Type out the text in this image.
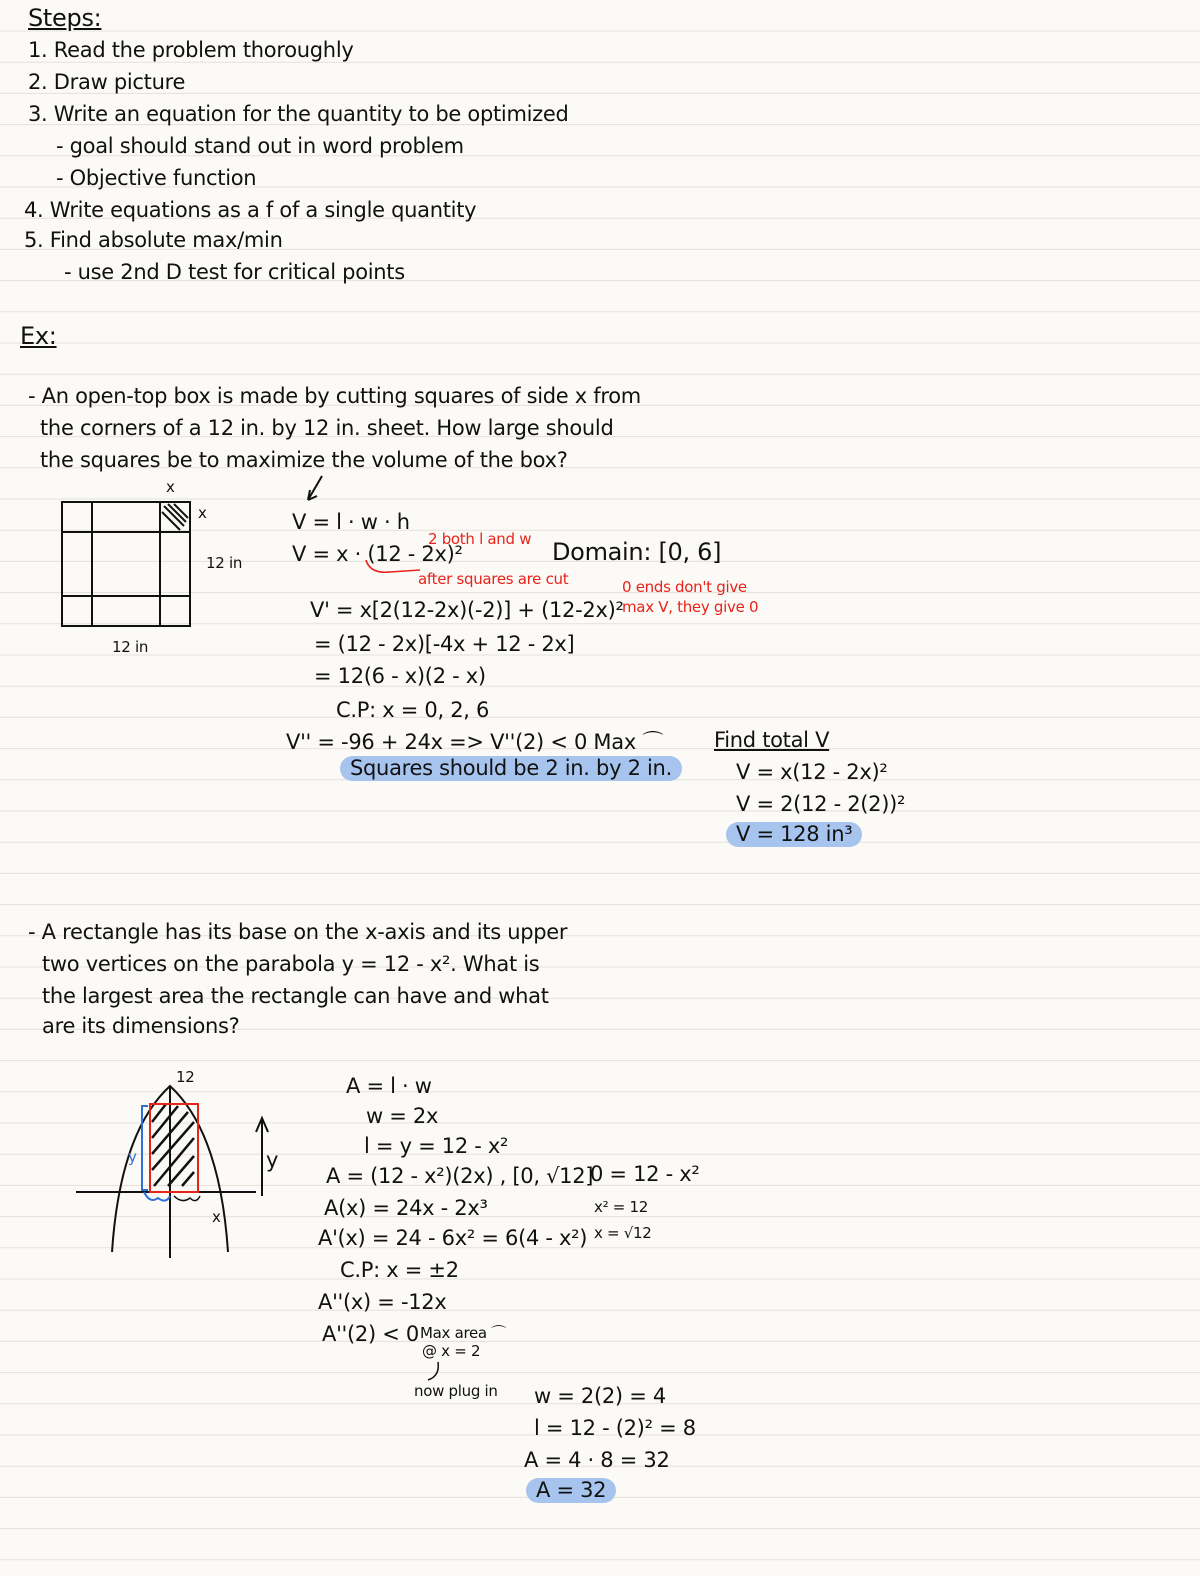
Steps:
1. Read the problem thoroughly
2. Draw picture
3. Write an equation for the quantity to be optimized
- goal should stand out in word problem
- Objective function
4. Write equations as a f of a single quantity
5. Find absolute max/min
- use 2nd D test for critical points
Ex:
- An open-top box is made by cutting squares of side x from
the corners of a 12 in. by 12 in. sheet. How large should
the squares be to maximize the volume of the box?
x
x
12 in
12 in
V = l · w · h
V = x · (12 - 2x)²
2 both l and w
after squares are cut
V' = x[2(12-2x)(-2)] + (12-2x)²
= (12 - 2x)[-4x + 12 - 2x]
= 12(6 - x)(2 - x)
C.P: x = 0, 2, 6
V'' = -96 + 24x => V''(2) < 0 Max ⌒
Squares should be 2 in. by 2 in.
Domain: [0, 6]
0 ends don't give
max V, they give 0
Find total V
V = x(12 - 2x)²
V = 2(12 - 2(2))²
V = 128 in³
- A rectangle has its base on the x-axis and its upper
two vertices on the parabola y = 12 - x². What is
the largest area the rectangle can have and what
are its dimensions?
12
y
x
y
A = l · w
w = 2x
l = y = 12 - x²
A = (12 - x²)(2x) , [0, √12]
A(x) = 24x - 2x³
A'(x) = 24 - 6x² = 6(4 - x²)
C.P: x = ±2
A''(x) = -12x
A''(2) < 0 Max area ⌒
@ x = 2
now plug in
0 = 12 - x²
x² = 12
x = √12
w = 2(2) = 4
l = 12 - (2)² = 8
A = 4 · 8 = 32
A = 32
